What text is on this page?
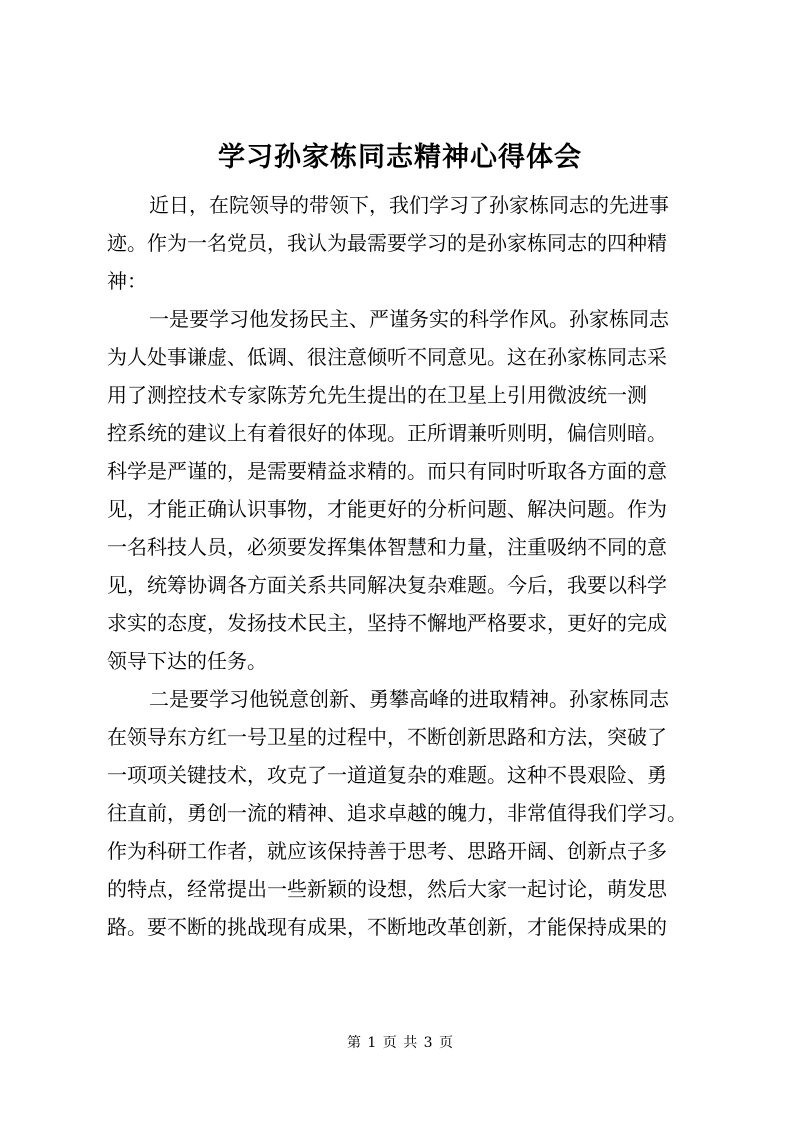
学习孙家栋同志精神心得体会
近日，在院领导的带领下，我们学习了孙家栋同志的先进事
迹。作为一名党员，我认为最需要学习的是孙家栋同志的四种精
神：
一是要学习他发扬民主、严谨务实的科学作风。孙家栋同志
为人处事谦虚、低调、很注意倾听不同意见。这在孙家栋同志采
用了测控技术专家陈芳允先生提出的在卫星上引用微波统一测
控系统的建议上有着很好的体现。正所谓兼听则明，偏信则暗。
科学是严谨的，是需要精益求精的。而只有同时听取各方面的意
见，才能正确认识事物，才能更好的分析问题、解决问题。作为
一名科技人员，必须要发挥集体智慧和力量，注重吸纳不同的意
见，统筹协调各方面关系共同解决复杂难题。今后，我要以科学
求实的态度，发扬技术民主，坚持不懈地严格要求，更好的完成
领导下达的任务。
二是要学习他锐意创新、勇攀高峰的进取精神。孙家栋同志
在领导东方红一号卫星的过程中，不断创新思路和方法，突破了
一项项关键技术，攻克了一道道复杂的难题。这种不畏艰险、勇
往直前，勇创一流的精神、追求卓越的魄力，非常值得我们学习。
作为科研工作者，就应该保持善于思考、思路开阔、创新点子多
的特点，经常提出一些新颖的设想，然后大家一起讨论，萌发思
路。要不断的挑战现有成果，不断地改革创新，才能保持成果的
第 1 页 共 3 页
